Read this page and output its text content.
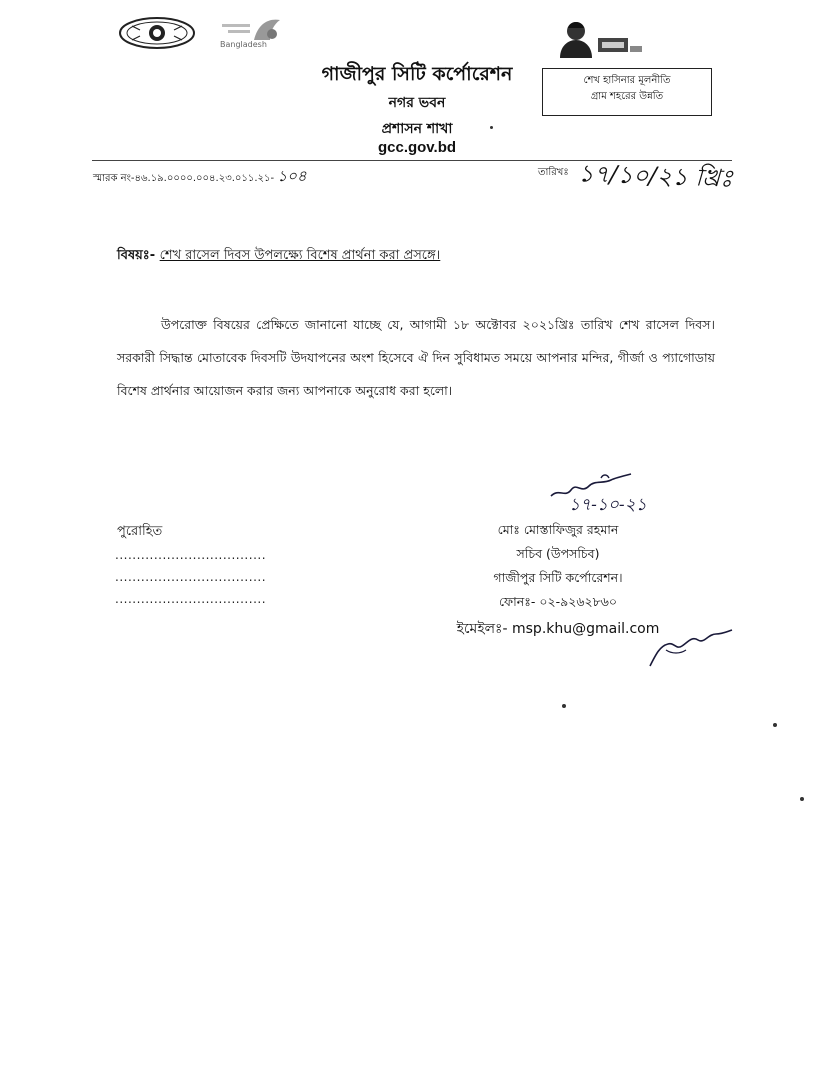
Bangladesh
গাজীপুর সিটি কর্পোরেশন
নগর ভবন
প্রশাসন শাখা
gcc.gov.bd
শেখ হাসিনার মূলনীতি
গ্রাম শহরের উন্নতি
স্মারক নং-৪৬.১৯.০০০০.০০৪.২৩.০১১.২১- ১০৪	তারিখঃ ১৭/১০/২১ খ্রিঃ
বিষয়ঃ- শেখ রাসেল দিবস উপলক্ষ্যে বিশেষ প্রার্থনা করা প্রসঙ্গে।

উপরোক্ত বিষয়ের প্রেক্ষিতে জানানো যাচ্ছে যে, আগামী ১৮ অক্টোবর ২০২১খ্রিঃ তারিখ শেখ রাসেল দিবস। সরকারী সিদ্ধান্ত মোতাবেক দিবসটি উদযাপনের অংশ হিসেবে ঐ দিন সুবিধামত সময়ে আপনার মন্দির, গীর্জা ও প্যাগোডায় বিশেষ প্রার্থনার আয়োজন করার জন্য আপনাকে অনুরোধ করা হলো।

১৭-১০-২১
পুরোহিত
...................................
...................................
...................................
মোঃ মোস্তাফিজুর রহমান
সচিব (উপসচিব)
গাজীপুর সিটি কর্পোরেশন।
ফোনঃ- ০২-৯২৬২৮৬০
ইমেইলঃ- msp.khu@gmail.com
